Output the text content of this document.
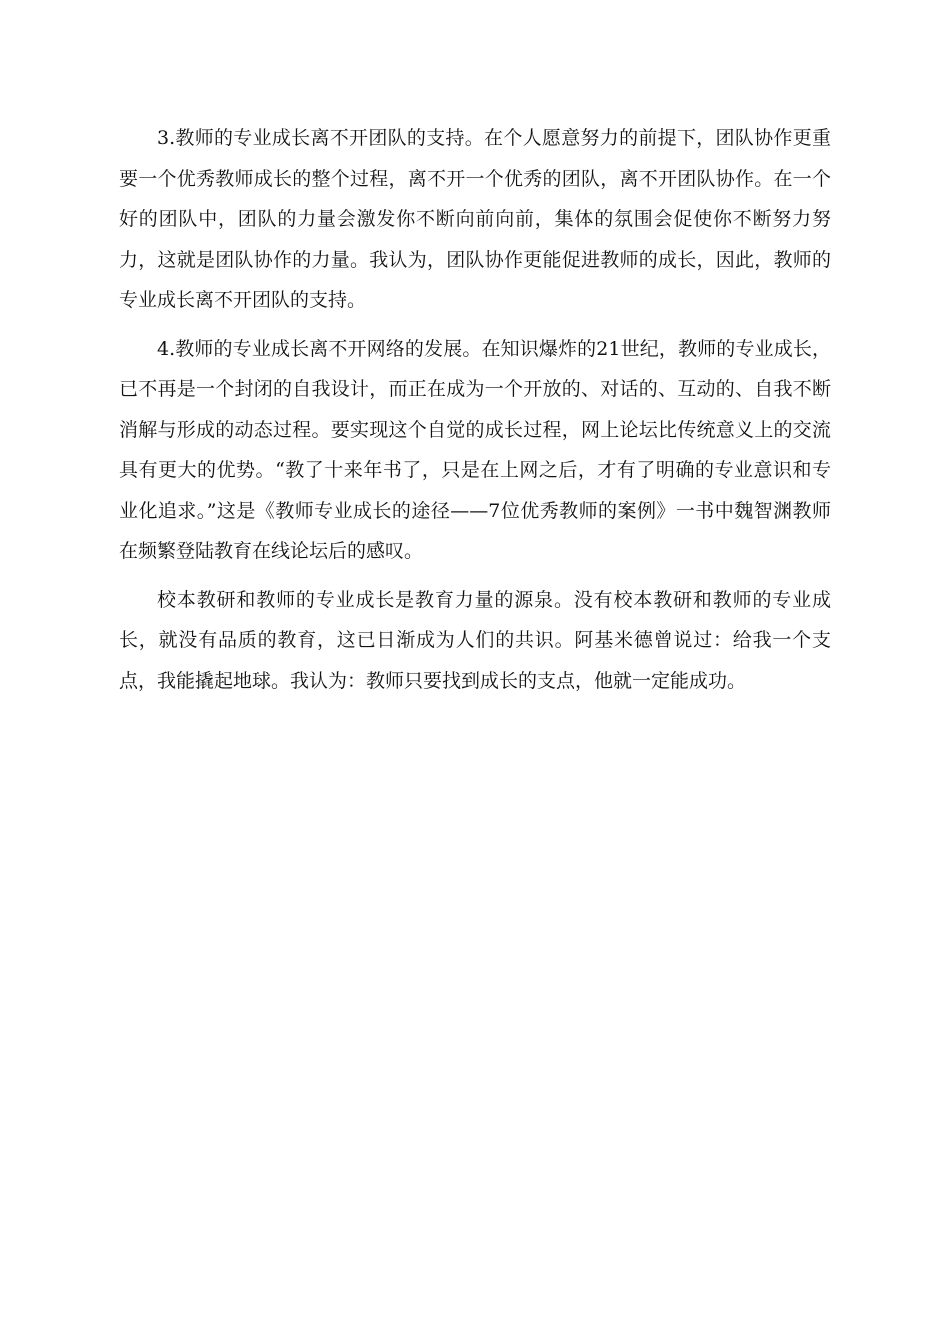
3.教师的专业成长离不开团队的支持。在个人愿意努力的前提下，团队协作更重要一个优秀教师成长的整个过程，离不开一个优秀的团队，离不开团队协作。在一个好的团队中，团队的力量会激发你不断向前向前，集体的氛围会促使你不断努力努力，这就是团队协作的力量。我认为，团队协作更能促进教师的成长，因此，教师的专业成长离不开团队的支持。

4.教师的专业成长离不开网络的发展。在知识爆炸的21世纪，教师的专业成长，已不再是一个封闭的自我设计，而正在成为一个开放的、对话的、互动的、自我不断消解与形成的动态过程。要实现这个自觉的成长过程，网上论坛比传统意义上的交流具有更大的优势。“教了十来年书了，只是在上网之后，才有了明确的专业意识和专业化追求。”这是《教师专业成长的途径——7位优秀教师的案例》一书中魏智渊教师在频繁登陆教育在线论坛后的感叹。

校本教研和教师的专业成长是教育力量的源泉。没有校本教研和教师的专业成长，就没有品质的教育，这已日渐成为人们的共识。阿基米德曾说过：给我一个支点，我能撬起地球。我认为：教师只要找到成长的支点，他就一定能成功。
